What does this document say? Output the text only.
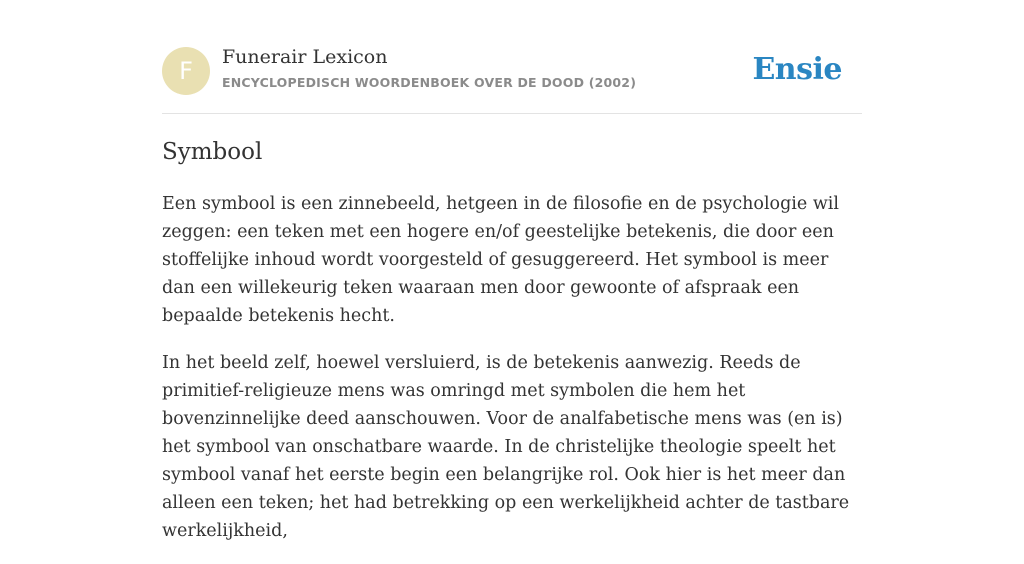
F	Funerair Lexicon
ENCYCLOPEDISCH WOORDENBOEK OVER DE DOOD (2002)	Ensie
Symbool

Een symbool is een zinnebeeld, hetgeen in de filosofie en de psychologie wil zeggen: een teken met een hogere en/of geestelijke betekenis, die door een stoffelijke inhoud wordt voorgesteld of gesuggereerd. Het symbool is meer dan een willekeurig teken waaraan men door gewoonte of afspraak een bepaalde betekenis hecht.

In het beeld zelf, hoewel versluierd, is de betekenis aanwezig. Reeds de primitief-religieuze mens was omringd met symbolen die hem het bovenzinnelijke deed aanschouwen. Voor de analfabetische mens was (en is) het symbool van onschatbare waarde. In de christelijke theologie speelt het symbool vanaf het eerste begin een belangrijke rol. Ook hier is het meer dan alleen een teken; het had betrekking op een werkelijkheid achter de tastbare werkelijkheid,
